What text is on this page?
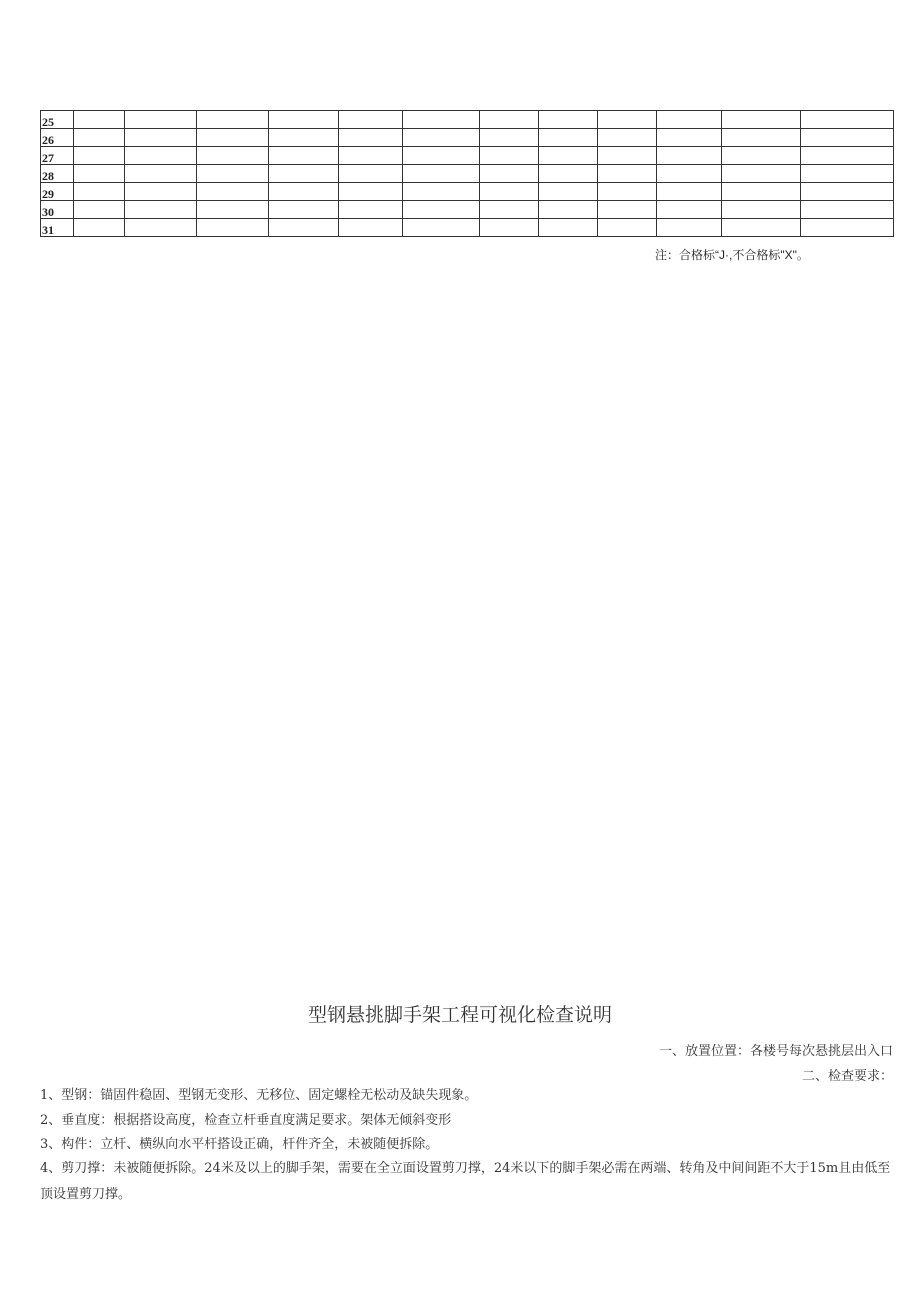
25												
26												
27												
28												
29												
30												
31												
注：合格标“J·,不合格标"X"。
型钢悬挑脚手架工程可视化检查说明
一、放置位置：各楼号每次悬挑层出入口
二、检查要求：
1、型钢：锚固件稳固、型钢无变形、无移位、固定螺栓无松动及缺失现象。
2、垂直度：根据搭设高度，检查立杆垂直度满足要求。架体无倾斜变形
3、构件：立杆、横纵向水平杆搭设正确，杆件齐全，未被随便拆除。
4、剪刀撑：未被随便拆除。24米及以上的脚手架，需要在全立面设置剪刀撑，24米以下的脚手架必需在两端、转角及中间间距不大于15m且由低至顶设置剪刀撑。
